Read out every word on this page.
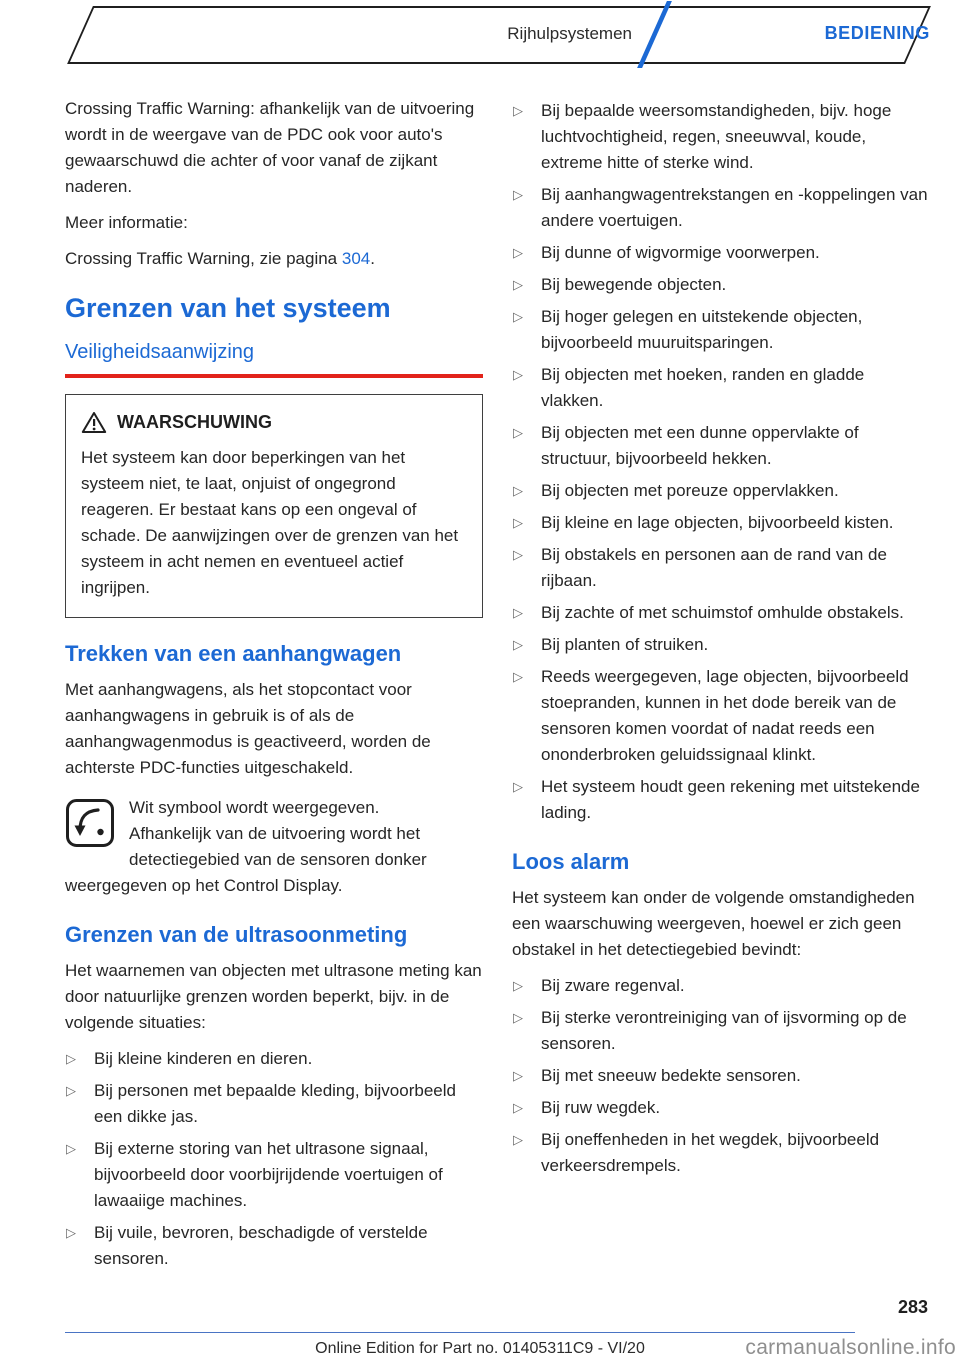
Rijhulpsystemen	BEDIENING

Crossing Traffic Warning: afhankelijk van de uitvoering wordt in de weergave van de PDC ook voor auto's gewaarschuwd die achter of voor vanaf de zijkant naderen.

Meer informatie:

Crossing Traffic Warning, zie pagina 304.

Grenzen van het systeem
Veiligheidsaanwijzing
WAARSCHUWING

Het systeem kan door beperkingen van het systeem niet, te laat, onjuist of ongegrond reageren. Er bestaat kans op een ongeval of schade. De aanwijzingen over de grenzen van het systeem in acht nemen en eventueel actief ingrijpen.

Trekken van een aanhangwagen

Met aanhangwagens, als het stopcontact voor aanhangwagens in gebruik is of als de aanhangwagenmodus is geactiveerd, worden de achterste PDC-functies uitgeschakeld.

Wit symbool wordt weergegeven.

Afhankelijk van de uitvoering wordt het detectiegebied van de sensoren donker weergegeven op het Control Display.

Grenzen van de ultrasoonmeting

Het waarnemen van objecten met ultrasone meting kan door natuurlijke grenzen worden beperkt, bijv. in de volgende situaties:

▷	Bij kleine kinderen en dieren.
▷	Bij personen met bepaalde kleding, bijvoorbeeld een dikke jas.
▷	Bij externe storing van het ultrasone signaal, bijvoorbeeld door voorbijrijdende voertuigen of lawaaiige machines.
▷	Bij vuile, bevroren, beschadigde of verstelde sensoren.
▷	Bij bepaalde weersomstandigheden, bijv. hoge luchtvochtigheid, regen, sneeuwval, koude, extreme hitte of sterke wind.
▷	Bij aanhangwagentrekstangen en -koppelingen van andere voertuigen.
▷	Bij dunne of wigvormige voorwerpen.
▷	Bij bewegende objecten.
▷	Bij hoger gelegen en uitstekende objecten, bijvoorbeeld muuruitsparingen.
▷	Bij objecten met hoeken, randen en gladde vlakken.
▷	Bij objecten met een dunne oppervlakte of structuur, bijvoorbeeld hekken.
▷	Bij objecten met poreuze oppervlakken.
▷	Bij kleine en lage objecten, bijvoorbeeld kisten.
▷	Bij obstakels en personen aan de rand van de rijbaan.
▷	Bij zachte of met schuimstof omhulde obstakels.
▷	Bij planten of struiken.
▷	Reeds weergegeven, lage objecten, bijvoorbeeld stoepranden, kunnen in het dode bereik van de sensoren komen voordat of nadat reeds een ononderbroken geluidssignaal klinkt.
▷	Het systeem houdt geen rekening met uitstekende lading.
Loos alarm

Het systeem kan onder de volgende omstandigheden een waarschuwing weergeven, hoewel er zich geen obstakel in het detectiegebied bevindt:

▷	Bij zware regenval.
▷	Bij sterke verontreiniging van of ijsvorming op de sensoren.
▷	Bij met sneeuw bedekte sensoren.
▷	Bij ruw wegdek.
▷	Bij oneffenheden in het wegdek, bijvoorbeeld verkeersdrempels.
283
Online Edition for Part no. 01405311C9 - VI/20	carmanualsonline.info
